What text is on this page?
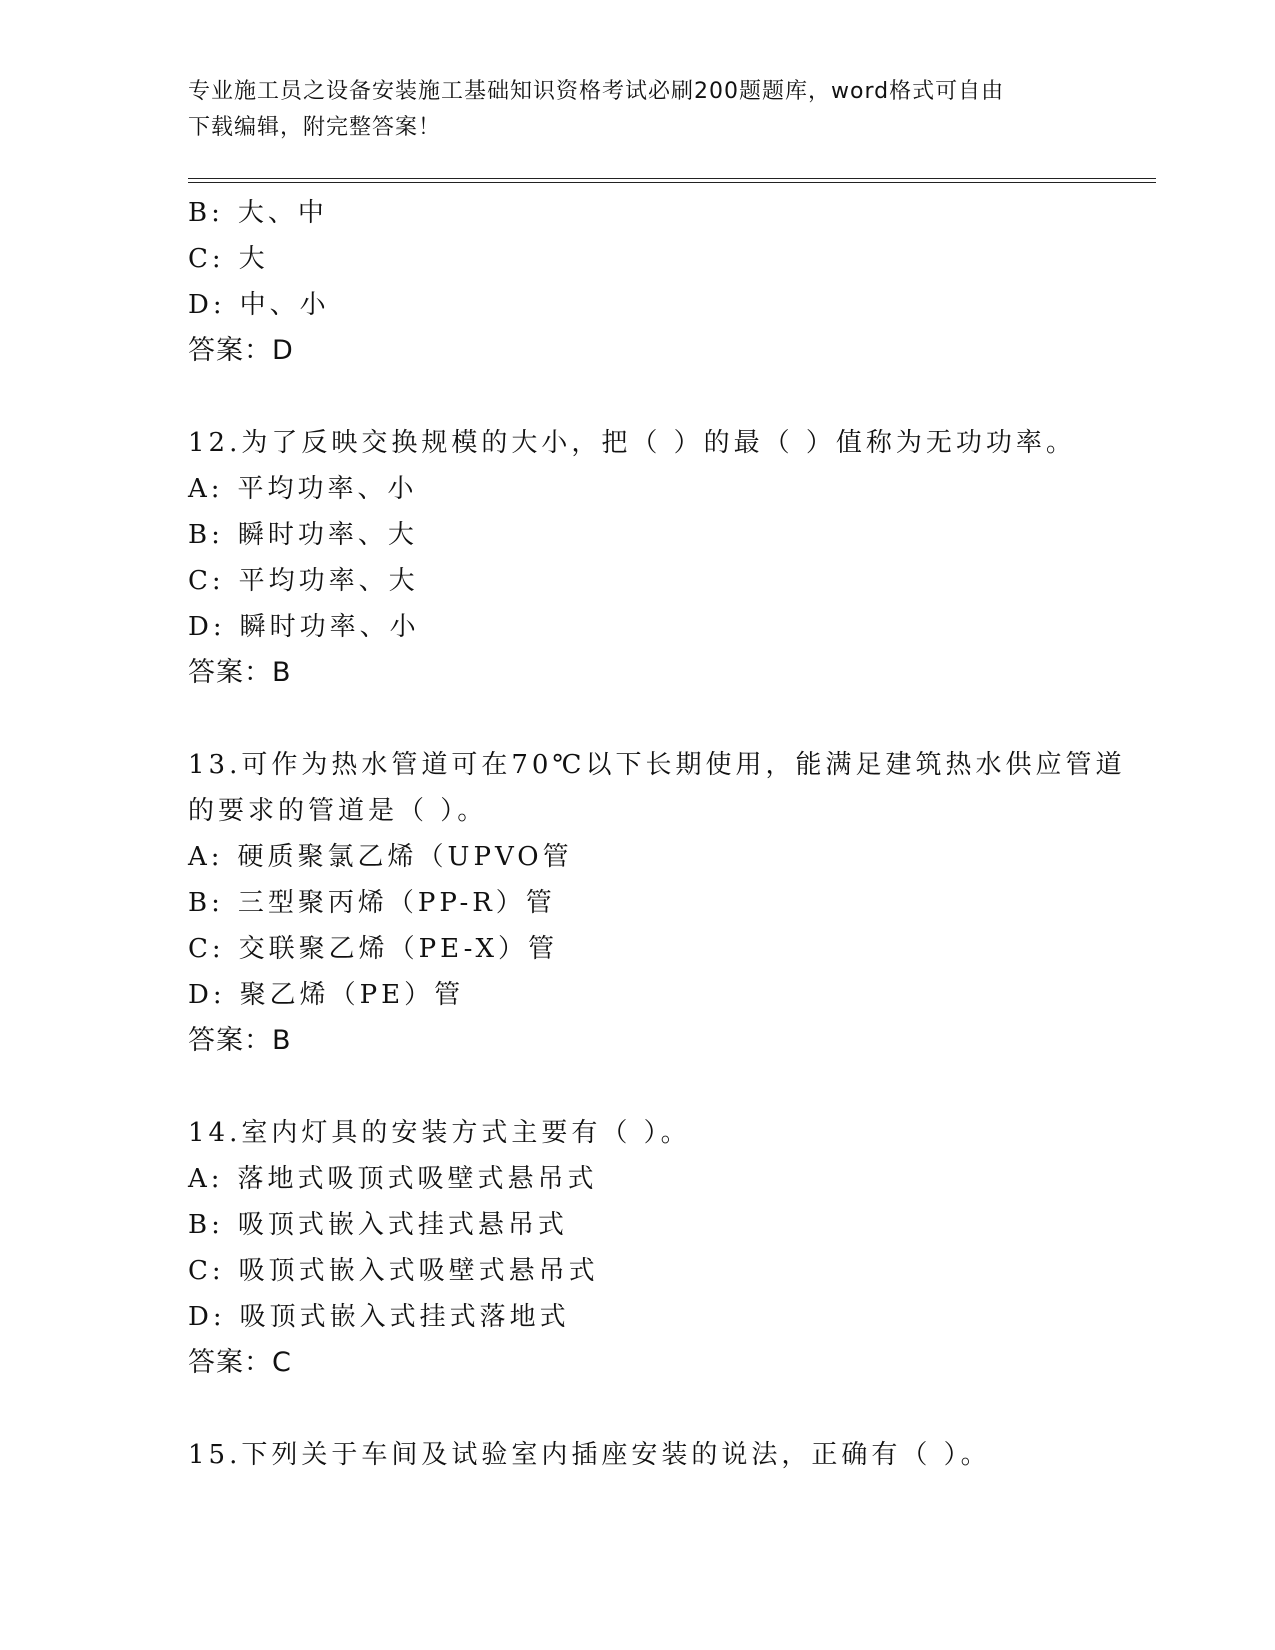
专业施工员之设备安装施工基础知识资格考试必刷200题题库，word格式可自由
下载编辑，附完整答案！
B: 大、中
C: 大
D: 中、小
答案：D
12.为了反映交换规模的大小，把（ ）的最（ ）值称为无功功率。
A: 平均功率、小
B: 瞬时功率、大
C: 平均功率、大
D: 瞬时功率、小
答案：B
13.可作为热水管道可在70℃以下长期使用，能满足建筑热水供应管道
的要求的管道是（ ）。
A: 硬质聚氯乙烯（UPVO管
B: 三型聚丙烯（PP-R）管
C: 交联聚乙烯（PE-X）管
D: 聚乙烯（PE）管
答案：B
14.室内灯具的安装方式主要有（ ）。
A: 落地式吸顶式吸壁式悬吊式
B: 吸顶式嵌入式挂式悬吊式
C: 吸顶式嵌入式吸壁式悬吊式
D: 吸顶式嵌入式挂式落地式
答案：C
15.下列关于车间及试验室内插座安装的说法，正确有（ ）。
